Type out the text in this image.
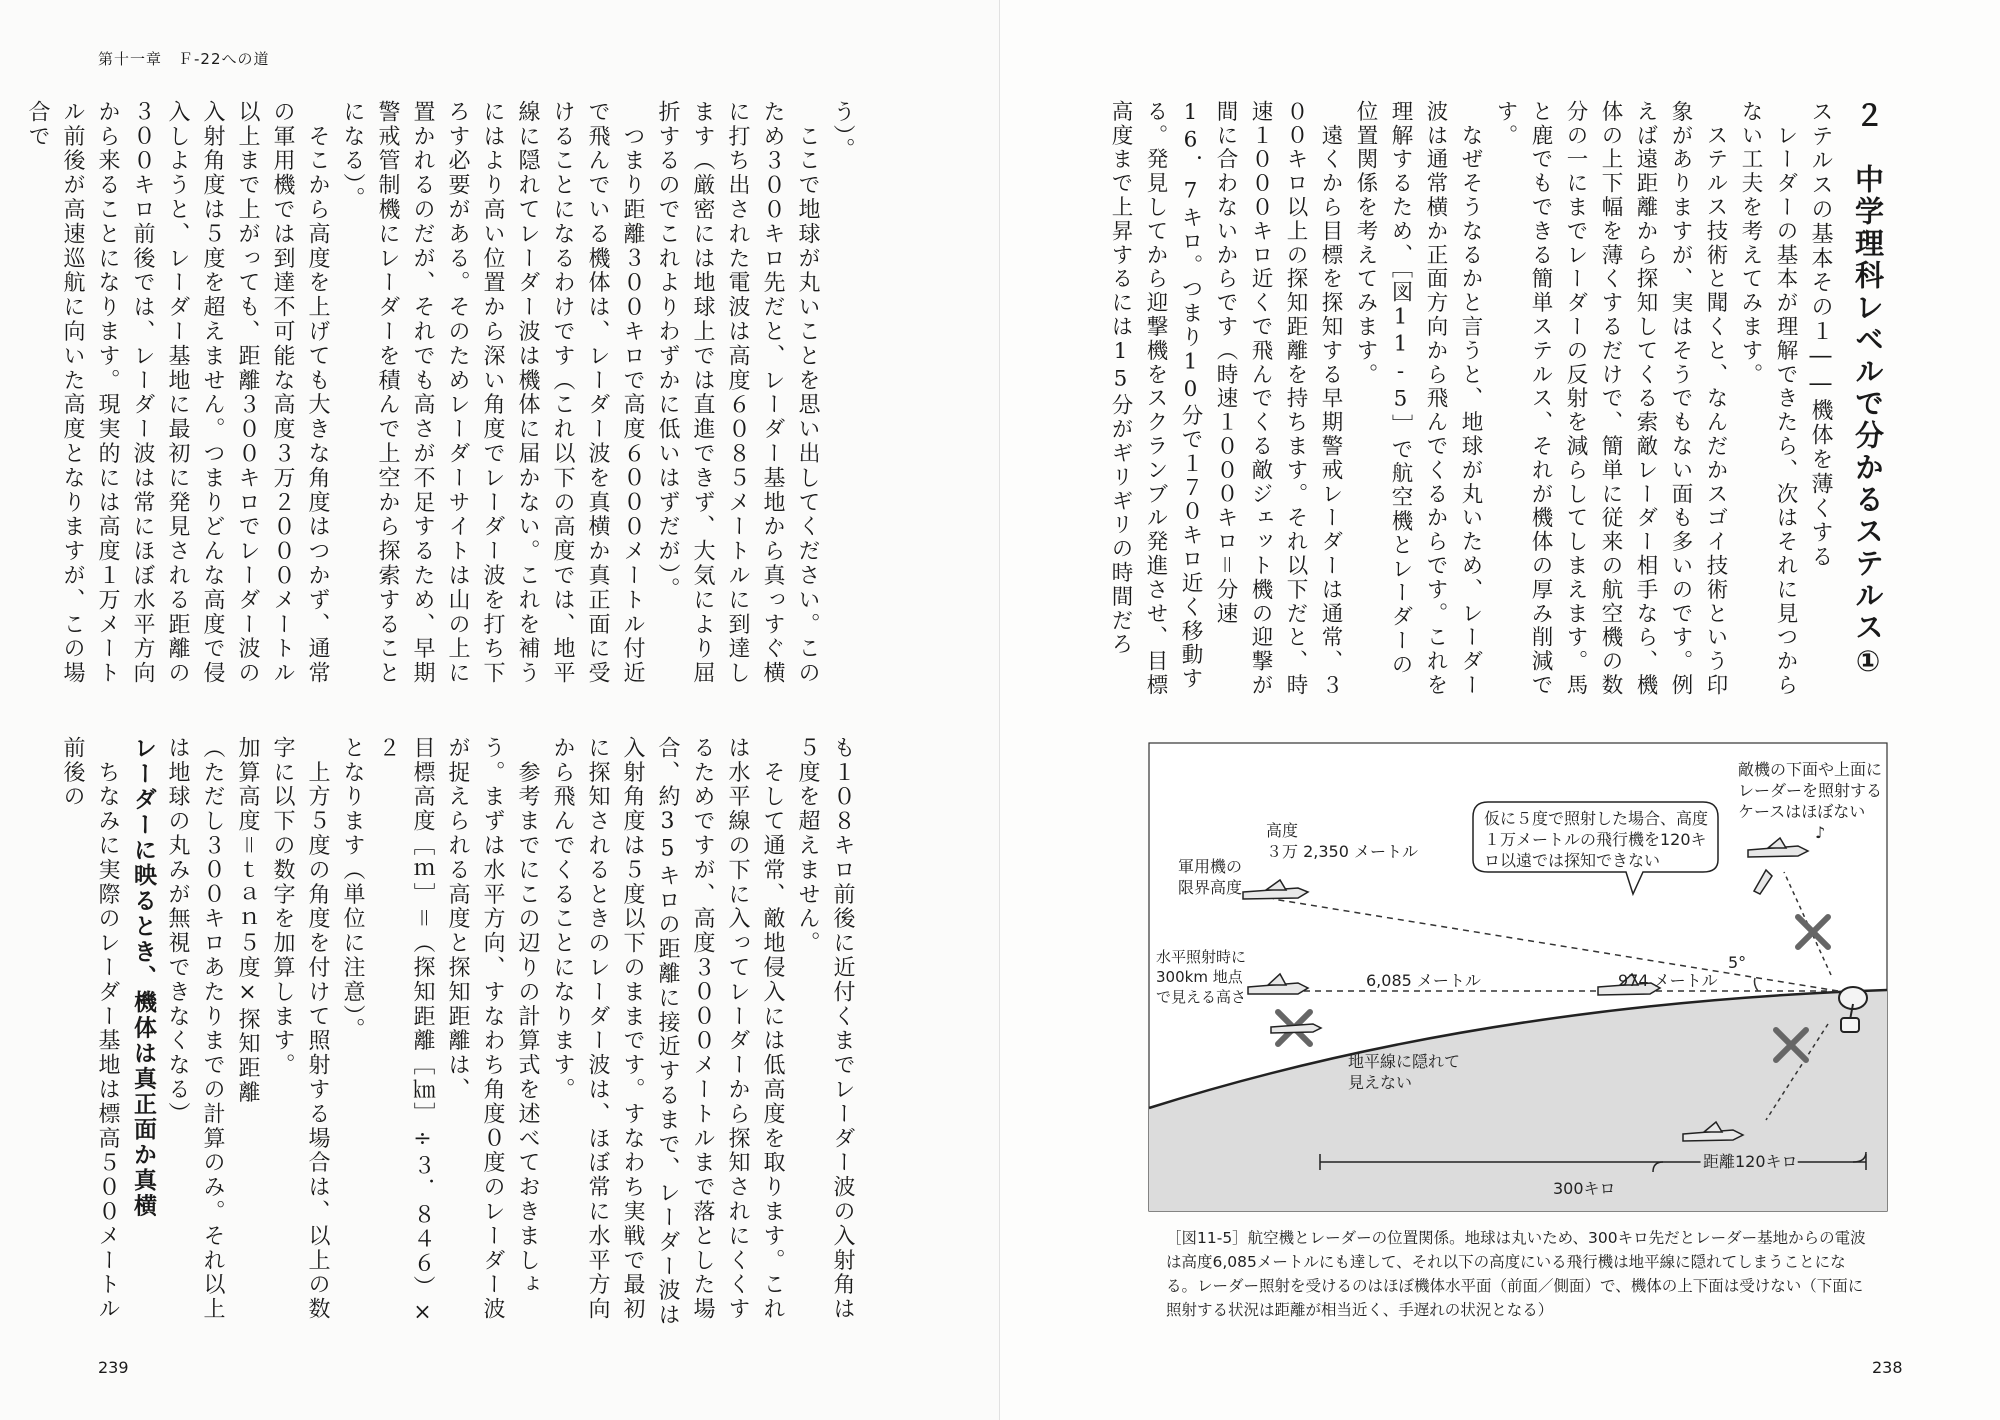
第十一章　Ｆ-22への道

う）。

　ここで地球が丸いことを思い出してください。このため３００キロ先だと、レーダー基地から真っすぐ横に打ち出された電波は高度６０８５メートルに到達します（厳密には地球上では直進できず、大気により屈折するのでこれよりわずかに低いはずだが）。

　つまり距離３００キロで高度６０００メートル付近で飛んでいる機体は、レーダー波を真横か真正面に受けることになるわけです（これ以下の高度では、地平線に隠れてレーダー波は機体に届かない。これを補うにはより高い位置から深い角度でレーダー波を打ち下ろす必要がある。そのためレーダーサイトは山の上に置かれるのだが、それでも高さが不足するため、早期警戒管制機にレーダーを積んで上空から探索することになる）。

　そこから高度を上げても大きな角度はつかず、通常の軍用機では到達不可能な高度３万２０００メートル以上まで上がっても、距離３００キロでレーダー波の入射角度は５度を超えません。つまりどんな高度で侵入しようと、レーダー基地に最初に発見される距離の３００キロ前後では、レーダー波は常にほぼ水平方向から来ることになります。現実的には高度１万メートル前後が高速巡航に向いた高度となりますが、この場合で

も１０８キロ前後に近付くまでレーダー波の入射角は５度を超えません。

　そして通常、敵地侵入には低高度を取ります。これは水平線の下に入ってレーダーから探知されにくくするためですが、高度３０００メートルまで落とした場合、約35キロの距離に接近するまで、レーダー波は入射角度は５度以下のままです。すなわち実戦で最初に探知されるときのレーダー波は、ほぼ常に水平方向から飛んでくることになります。

　参考までにこの辺りの計算式を述べておきましょう。まずは水平方向、すなわち角度０度のレーダー波が捉えられる高度と探知距離は、

目標高度［ｍ］＝（探知距離［㎞］÷３．８４６）×２

となります（単位に注意）。

　上方５度の角度を付けて照射する場合は、以上の数字に以下の数字を加算します。

加算高度＝ｔａｎ５度×探知距離

（ただし３００キロあたりまでの計算のみ。それ以上は地球の丸みが無視できなくなる）

レーダーに映るとき、機体は真正面か真横

　ちなみに実際のレーダー基地は標高５００メートル前後の

239

２　中学理科レベルで分かるステルス①

ステルスの基本その１――機体を薄くする

　レーダーの基本が理解できたら、次はそれに見つからない工夫を考えてみます。

　ステルス技術と聞くと、なんだかスゴイ技術という印象がありますが、実はそうでもない面も多いのです。例えば遠距離から探知してくる索敵レーダー相手なら、機体の上下幅を薄くするだけで、簡単に従来の航空機の数分の一にまでレーダーの反射を減らしてしまえます。馬と鹿でもできる簡単ステルス、それが機体の厚み削減です。

　なぜそうなるかと言うと、地球が丸いため、レーダー波は通常横か正面方向から飛んでくるからです。これを理解するため、［図11-5］で航空機とレーダーの位置関係を考えてみます。

　遠くから目標を探知する早期警戒レーダーは通常、３００キロ以上の探知距離を持ちます。それ以下だと、時速１０００キロ近くで飛んでくる敵ジェット機の迎撃が間に合わないからです（時速１０００キロ＝分速16．7キロ。つまり10分で１７０キロ近く移動する。発見してから迎撃機をスクランブル発進させ、目標高度まで上昇するには15分がギリギリの時間だろ

238
♪
仮に５度で照射した場合、高度
１万メートルの飛行機を120キ
ロ以遠では探知できない
敵機の下面や上面に
レーダーを照射する
ケースはほぼない
高度
３万 2,350 メートル
軍用機の
限界高度
5°
水平照射時に
300km 地点
で見える高さ
6,085 メートル	974 メートル
地平線に隠れて
見えない
距離120キロ
300キロ
［図11-5］航空機とレーダーの位置関係。地球は丸いため、300キロ先だとレーダー基地からの電波は高度6,085メートルにも達して、それ以下の高度にいる飛行機は地平線に隠れてしまうことになる。レーダー照射を受けるのはほぼ機体水平面（前面／側面）で、機体の上下面は受けない（下面に照射する状況は距離が相当近く、手遅れの状況となる）
